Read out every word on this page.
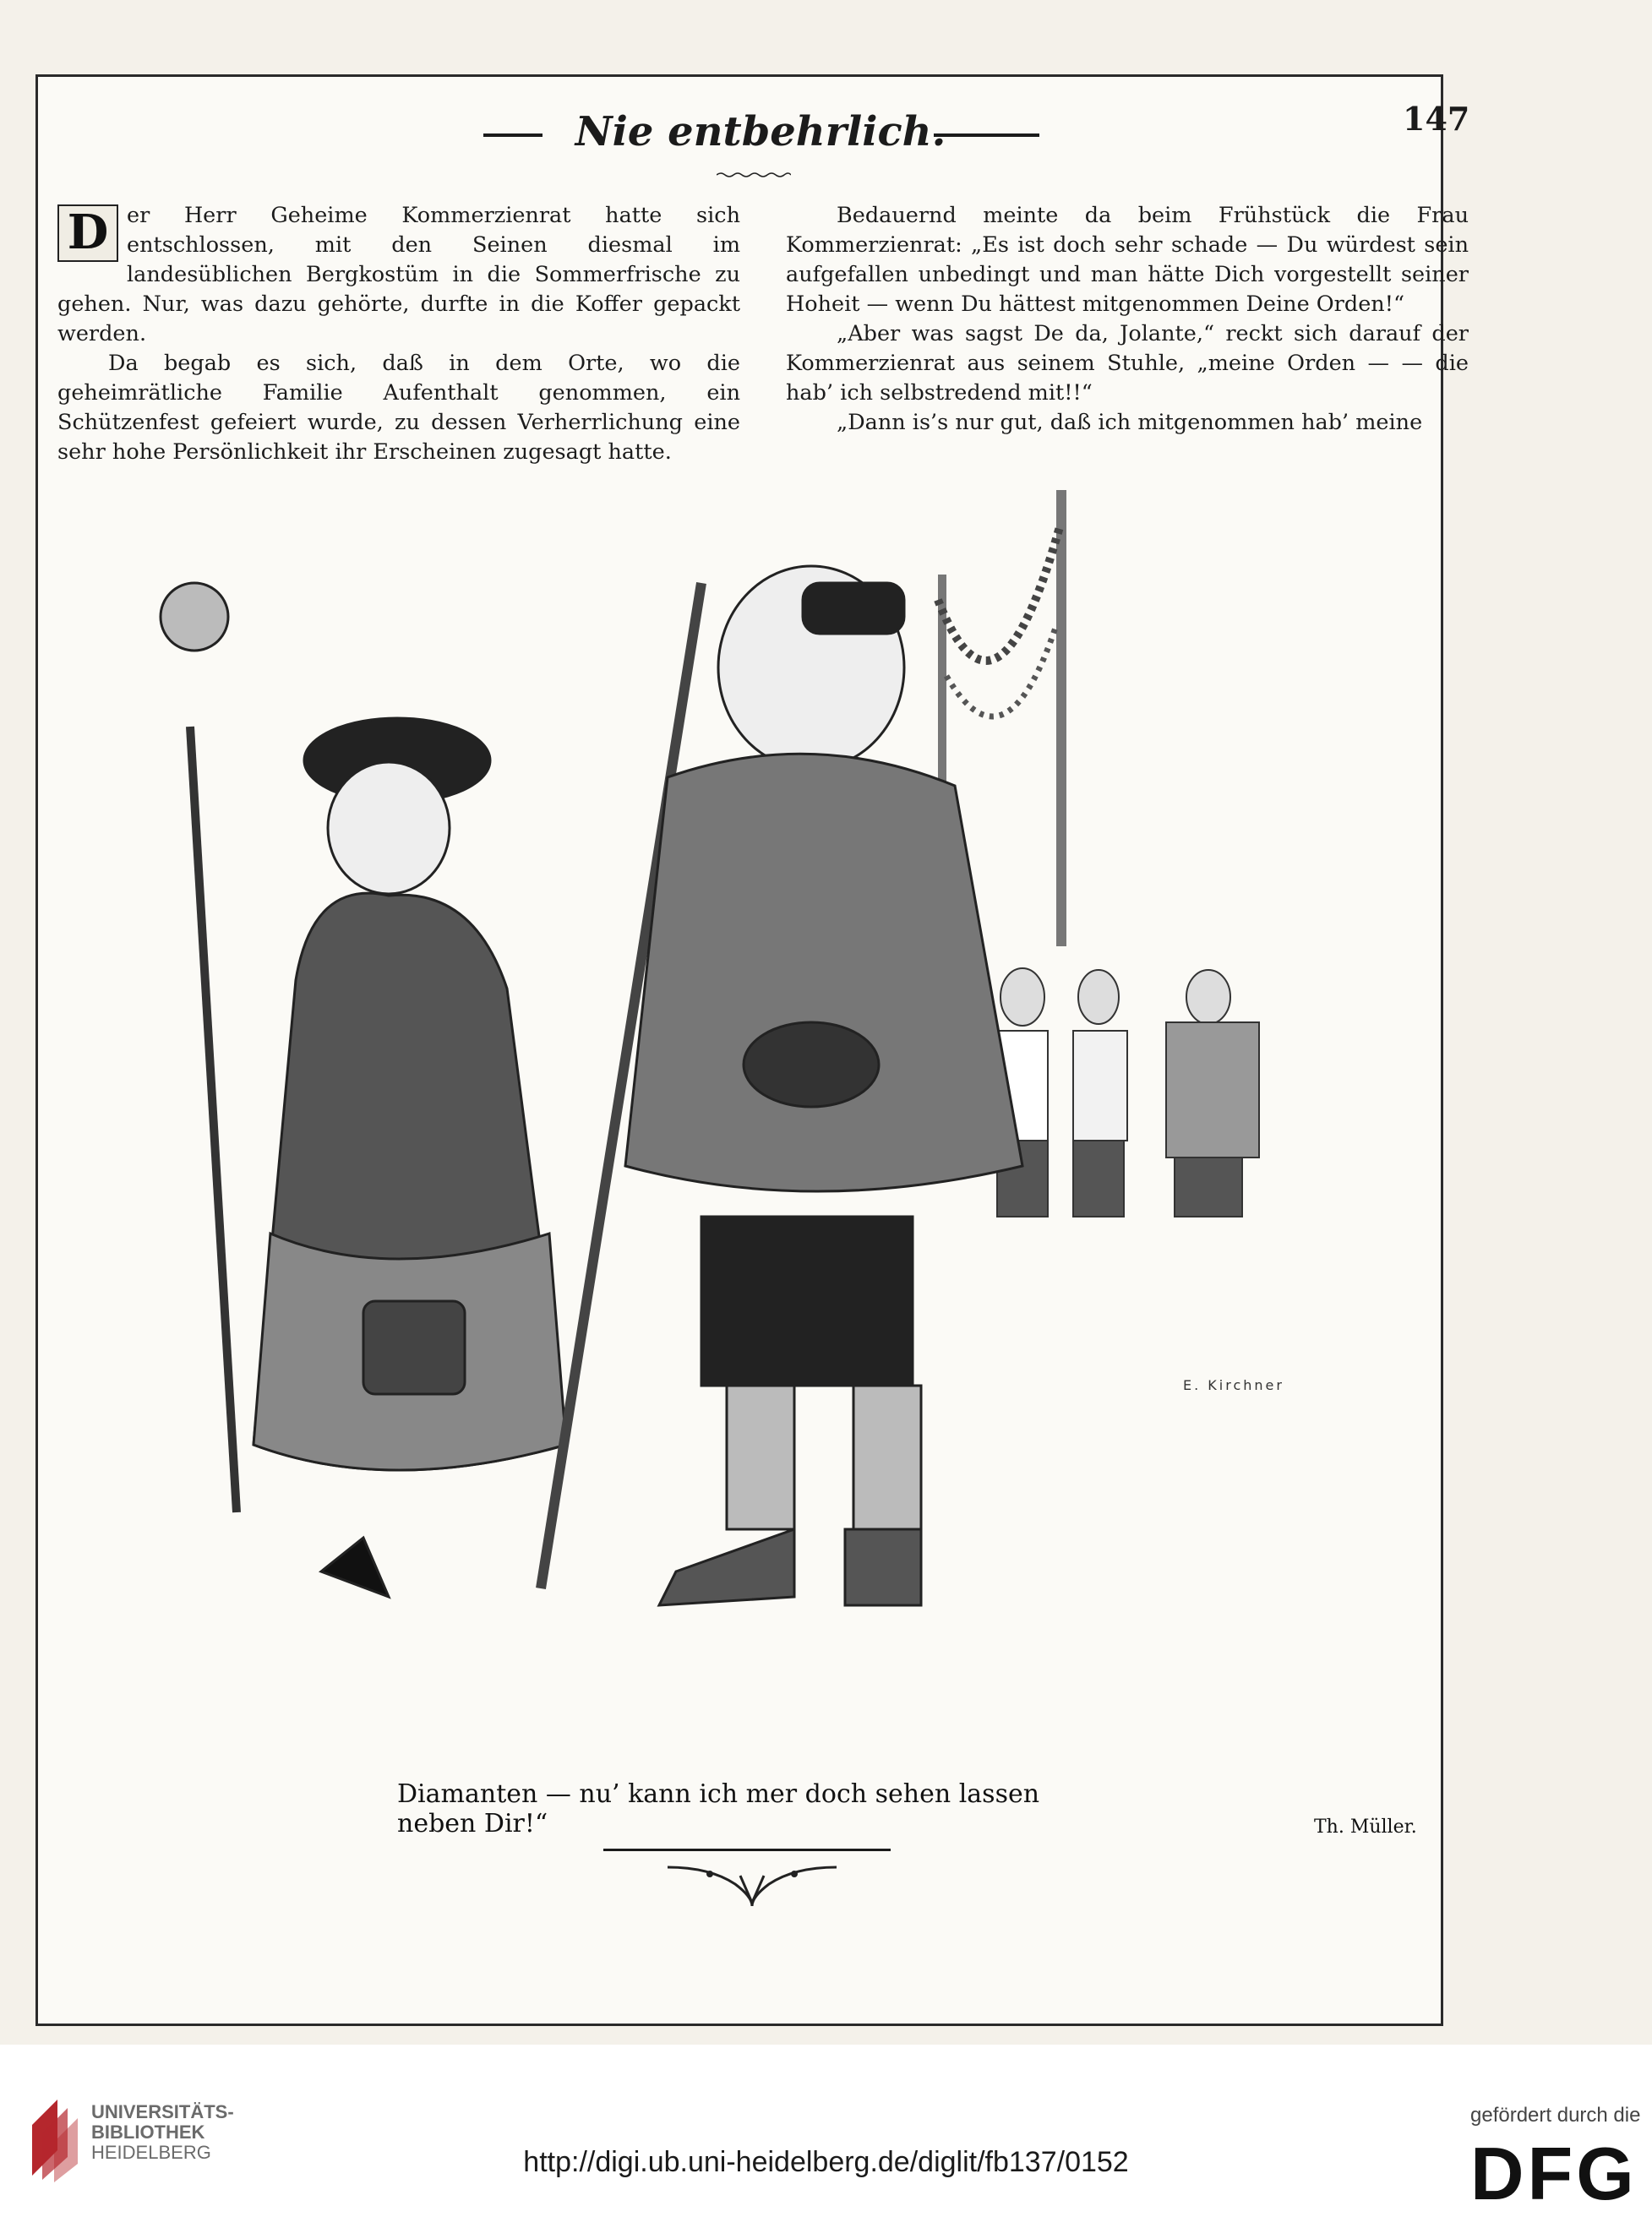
Nie entbehrlich.	147

D er Herr Geheime Kommerzienrat hatte sich entschlossen, mit den Seinen diesmal im landesüblichen Bergkostüm in die Sommerfrische zu gehen. Nur, was dazu gehörte, durfte in die Koffer gepackt werden.

Da begab es sich, daß in dem Orte, wo die geheimrätliche Familie Aufenthalt genommen, ein Schützenfest gefeiert wurde, zu dessen Verherrlichung eine sehr hohe Persönlichkeit ihr Erscheinen zugesagt hatte.

Bedauernd meinte da beim Frühstück die Frau Kommerzienrat: „Es ist doch sehr schade — Du würdest sein aufgefallen unbedingt und man hätte Dich vorgestellt seiner Hoheit — wenn Du hättest mitgenommen Deine Orden!“

„Aber was sagst De da, Jolante,“ reckt sich darauf der Kommerzienrat aus seinem Stuhle, „meine Orden — — die hab’ ich selbstredend mit!!“

„Dann is’s nur gut, daß ich mitgenommen hab’ meine

E. Kirchner
Diamanten — nu’ kann ich mer doch sehen lassen neben Dir!“	Th. Müller.
UNIVERSITÄTS-
BIBLIOTHEK
HEIDELBERG	http://digi.ub.uni-heidelberg.de/diglit/fb137/0152
gefördert durch die
DFG
